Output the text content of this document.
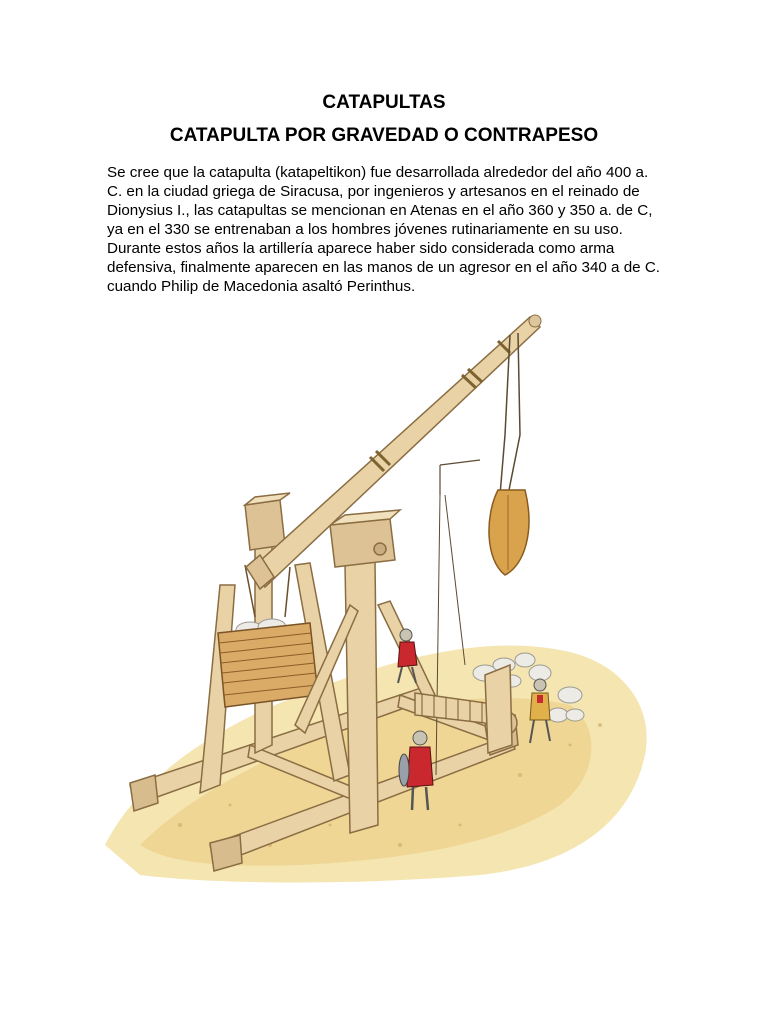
CATAPULTAS
CATAPULTA POR GRAVEDAD O CONTRAPESO

Se cree que la catapulta (katapeltikon) fue desarrollada alrededor del año 400 a.
C. en la ciudad griega de Siracusa, por ingenieros y artesanos en el reinado de
Dionysius I., las catapultas se mencionan en Atenas en el año 360 y 350 a. de C,
ya en el 330 se entrenaban a los hombres jóvenes rutinariamente en su uso.
Durante estos años la artillería aparece haber sido considerada como arma
defensiva, finalmente aparecen en las manos de un agresor en el año 340 a de C.
cuando Philip de Macedonia asaltó Perinthus.
